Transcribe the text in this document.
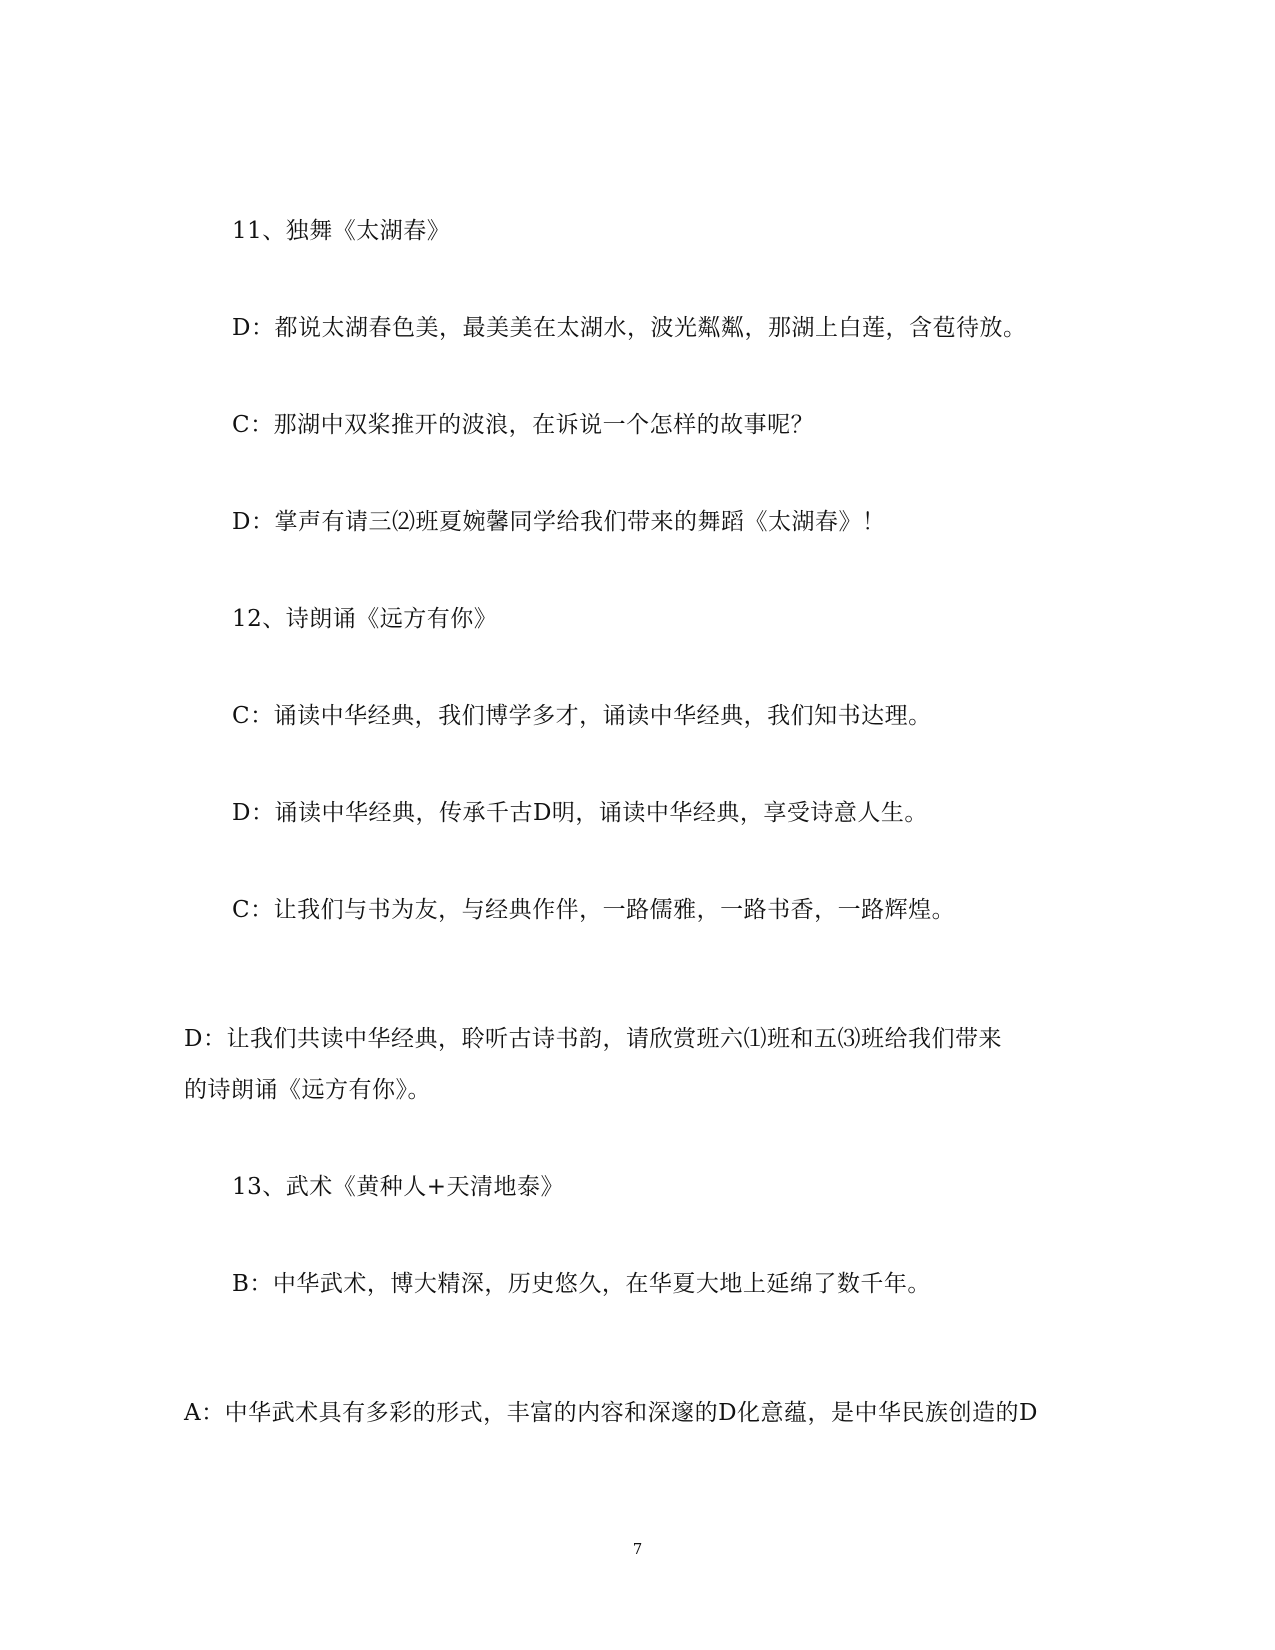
11、独舞《太湖春》
D：都说太湖春色美，最美美在太湖水，波光粼粼，那湖上白莲，含苞待放。
C：那湖中双桨推开的波浪，在诉说一个怎样的故事呢？
D：掌声有请三⑵班夏婉馨同学给我们带来的舞蹈《太湖春》！
12、诗朗诵《远方有你》
C：诵读中华经典，我们博学多才，诵读中华经典，我们知书达理。
D：诵读中华经典，传承千古D明，诵读中华经典，享受诗意人生。
C：让我们与书为友，与经典作伴，一路儒雅，一路书香，一路辉煌。
D：让我们共读中华经典，聆听古诗书韵，请欣赏班六⑴班和五⑶班给我们带来
的诗朗诵《远方有你》。
13、武术《黄种人+天清地泰》
B：中华武术，博大精深，历史悠久，在华夏大地上延绵了数千年。
A：中华武术具有多彩的形式，丰富的内容和深邃的D化意蕴，是中华民族创造的D
7
